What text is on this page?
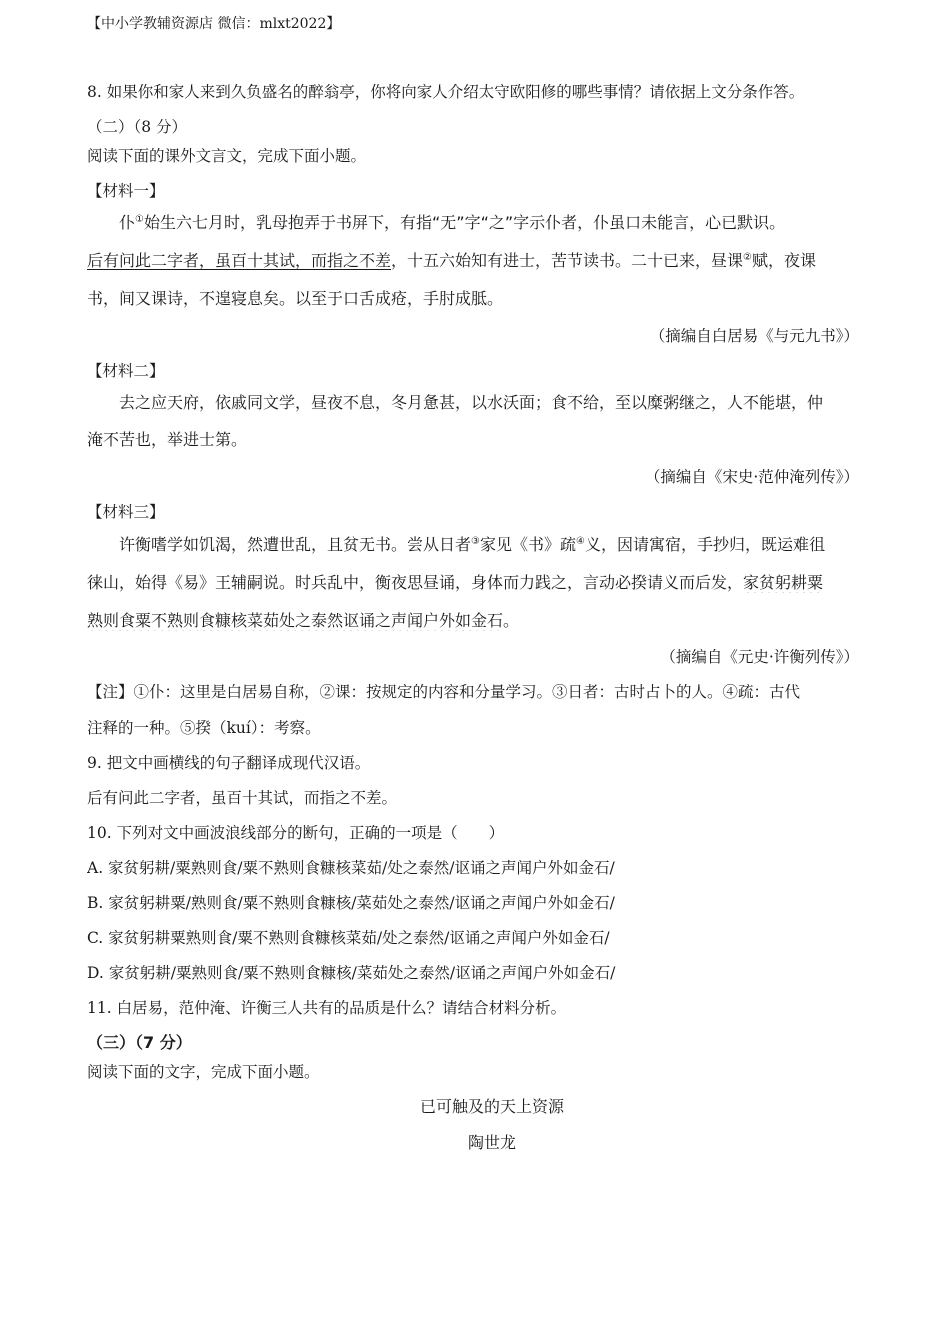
【中小学教辅资源店 微信：mlxt2022】
8. 如果你和家人来到久负盛名的醉翁亭，你将向家人介绍太守欧阳修的哪些事情？请依据上文分条作答。
（二）（8 分）
阅读下面的课外文言文，完成下面小题。
【材料一】
仆①始生六七月时，乳母抱弄于书屏下，有指“无”字“之”字示仆者，仆虽口未能言，心已默识。
后有问此二字者，虽百十其试，而指之不差，十五六始知有进士，苦节读书。二十已来，昼课②赋，夜课
书，间又课诗，不遑寝息矣。以至于口舌成疮，手肘成胝。
（摘编自白居易《与元九书》）
【材料二】
去之应天府，依戚同文学，昼夜不息，冬月惫甚，以水沃面；食不给，至以糜粥继之，人不能堪，仲
淹不苦也，举进士第。
（摘编自《宋史·范仲淹列传》）
【材料三】
许衡嗜学如饥渴，然遭世乱，且贫无书。尝从日者③家见《书》疏④义，因请寓宿，手抄归，既运难徂
徕山，始得《易》王辅嗣说。时兵乱中，衡夜思昼诵，身体而力践之，言动必揆请义而后发，家贫躬耕粟
熟则食粟不熟则食糠核菜茹处之泰然讴诵之声闻户外如金石。
（摘编自《元史·许衡列传》）
【注】①仆：这里是白居易自称，②课：按规定的内容和分量学习。③日者：古时占卜的人。④疏：古代
注释的一种。⑤揆（kuí）：考察。
9. 把文中画横线的句子翻译成现代汉语。
后有问此二字者，虽百十其试，而指之不差。
10. 下列对文中画波浪线部分的断句，正确的一项是（　　）
A. 家贫躬耕/粟熟则食/粟不熟则食糠核菜茹/处之泰然/讴诵之声闻户外如金石/
B. 家贫躬耕粟/熟则食/粟不熟则食糠核/菜茹处之泰然/讴诵之声闻户外如金石/
C. 家贫躬耕粟熟则食/粟不熟则食糠核菜茹/处之泰然/讴诵之声闻户外如金石/
D. 家贫躬耕/粟熟则食/粟不熟则食糠核/菜茹处之泰然/讴诵之声闻户外如金石/
11. 白居易，范仲淹、许衡三人共有的品质是什么？请结合材料分析。
（三）（7 分）
阅读下面的文字，完成下面小题。
已可触及的天上资源
陶世龙
